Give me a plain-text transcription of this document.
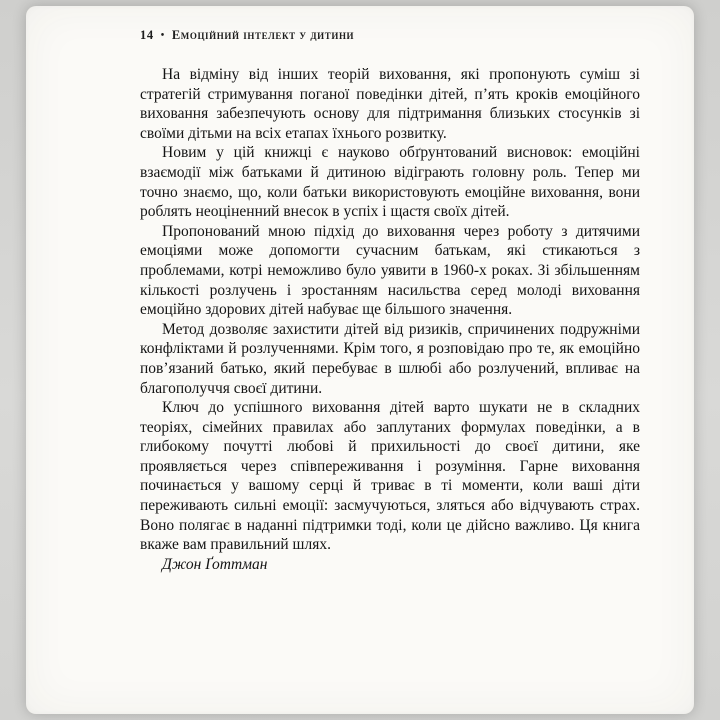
14 • Емоційний інтелект у дитини

На відміну від інших теорій виховання, які пропонують суміш зі стратегій стримування поганої поведінки дітей, п’ять кроків емоційного виховання забезпечують основу для підтримання близьких стосунків зі своїми дітьми на всіх етапах їхнього розвитку.

Новим у цій книжці є науково обґрунтований висновок: емоційні взаємодії між батьками й дитиною відіграють головну роль. Тепер ми точно знаємо, що, коли батьки використовують емоційне виховання, вони роблять неоціненний внесок в успіх і щастя своїх дітей.

Пропонований мною підхід до виховання через роботу з дитячими емоціями може допомогти сучасним батькам, які стикаються з проблемами, котрі неможливо було уявити в 1960-х роках. Зі збільшенням кількості розлучень і зростанням насильства серед молоді виховання емоційно здорових дітей набуває ще більшого значення.

Метод дозволяє захистити дітей від ризиків, спричинених подружніми конфліктами й розлученнями. Крім того, я розповідаю про те, як емоційно пов’язаний батько, який перебуває в шлюбі або розлучений, впливає на благополуччя своєї дитини.

Ключ до успішного виховання дітей варто шукати не в складних теоріях, сімейних правилах або заплутаних формулах поведінки, а в глибокому почутті любові й прихильності до своєї дитини, яке проявляється через співпереживання і розуміння. Гарне виховання починається у вашому серці й триває в ті моменти, коли ваші діти переживають сильні емоції: засмучуються, зляться або відчувають страх. Воно полягає в наданні підтримки тоді, коли це дійсно важливо. Ця книга вкаже вам правильний шлях.

Джон Ґоттман
